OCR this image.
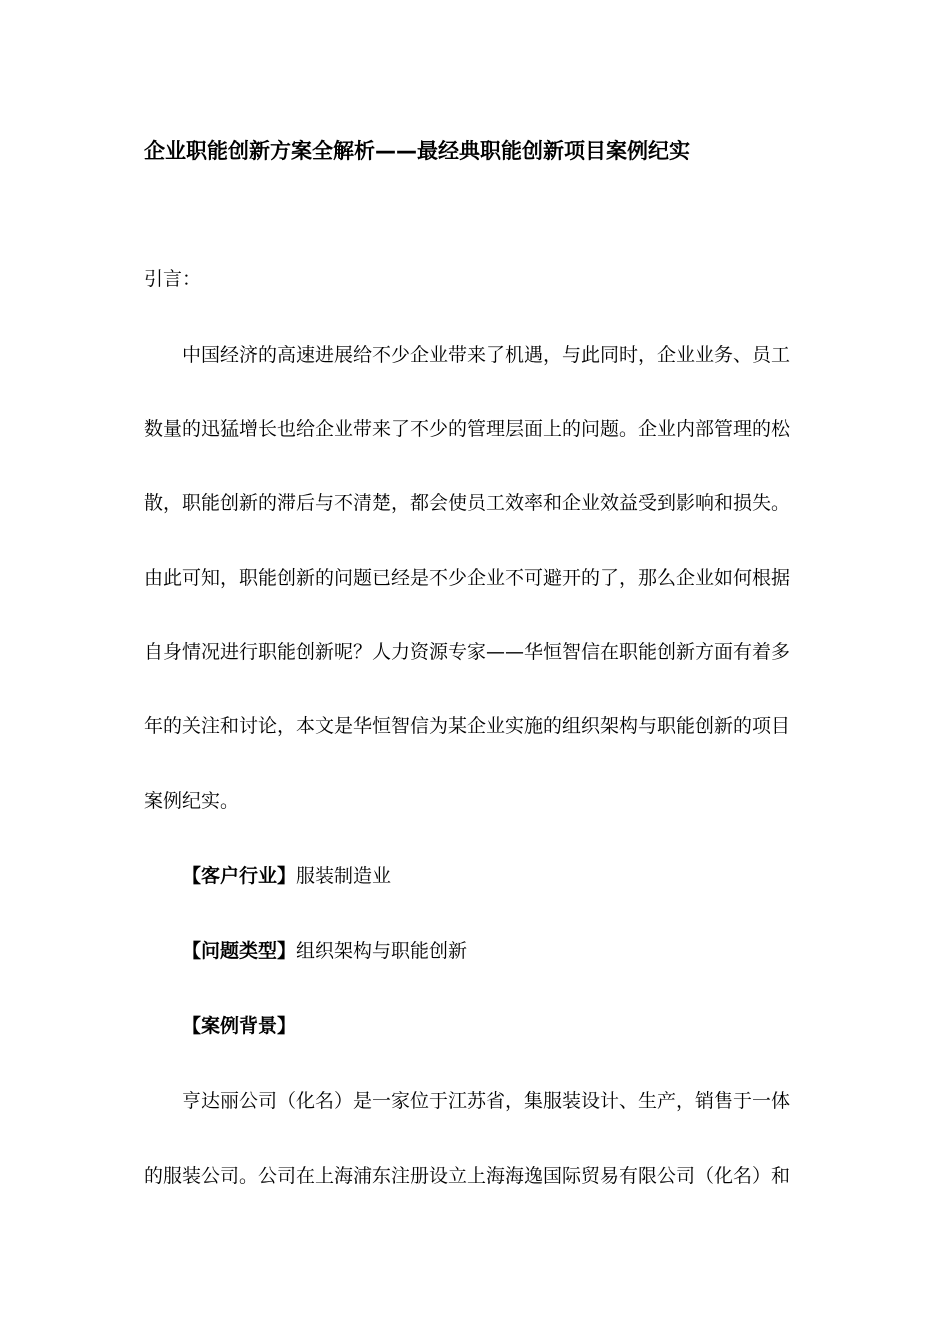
企业职能创新方案全解析——最经典职能创新项目案例纪实
引言：
中国经济的高速进展给不少企业带来了机遇，与此同时，企业业务、员工
数量的迅猛增长也给企业带来了不少的管理层面上的问题。企业内部管理的松
散，职能创新的滞后与不清楚，都会使员工效率和企业效益受到影响和损失。
由此可知，职能创新的问题已经是不少企业不可避开的了，那么企业如何根据
自身情况进行职能创新呢？人力资源专家——华恒智信在职能创新方面有着多
年的关注和讨论，本文是华恒智信为某企业实施的组织架构与职能创新的项目
案例纪实。
【客户行业】服装制造业
【问题类型】组织架构与职能创新
【案例背景】
亨达丽公司（化名）是一家位于江苏省，集服装设计、生产，销售于一体
的服装公司。公司在上海浦东注册设立上海海逸国际贸易有限公司（化名）和
